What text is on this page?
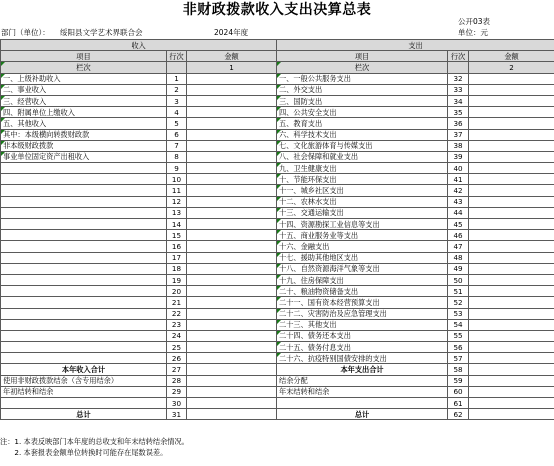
非财政拨款收入支出决算总表
公开03表
部门（单位）： 绥阳县文学艺术界联合会	2024年度	单位：元
收入			支出		
项目	行次	金额	项目	行次	金额
栏次		1	栏次		2
一、上级补助收入	1		一、一般公共服务支出	32	
二、事业收入	2		二、外交支出	33	
三、经营收入	3		三、国防支出	34	
四、附属单位上缴收入	4		四、公共安全支出	35	
五、其他收入	5		五、教育支出	36	
其中：本级横向转拨财政款	6		六、科学技术支出	37	
非本级财政拨款	7		七、文化旅游体育与传媒支出	38	
事业单位固定资产出租收入	8		八、社会保障和就业支出	39	
	9		九、卫生健康支出	40	
	10		十、节能环保支出	41	
	11		十一、城乡社区支出	42	
	12		十二、农林水支出	43	
	13		十三、交通运输支出	44	
	14		十四、资源勘探工业信息等支出	45	
	15		十五、商业服务业等支出	46	
	16		十六、金融支出	47	
	17		十七、援助其他地区支出	48	
	18		十八、自然资源海洋气象等支出	49	
	19		十九、住房保障支出	50	
	20		二十、粮油物资储备支出	51	
	21		二十一、国有资本经营预算支出	52	
	22		二十二、灾害防治及应急管理支出	53	
	23		二十三、其他支出	54	
	24		二十四、债务还本支出	55	
	25		二十五、债务付息支出	56	
	26		二十六、抗疫特别国债安排的支出	57	
本年收入合计	27		本年支出合计	58	
使用非财政拨款结余（含专用结余）	28		结余分配	59	
年初结转和结余	29		年末结转和结余	60	
	30			61	
总计	31		总计	62	
注：1. 本表反映部门本年度的总收支和年末结转结余情况。
　　2. 本套报表金额单位转换时可能存在尾数误差。
